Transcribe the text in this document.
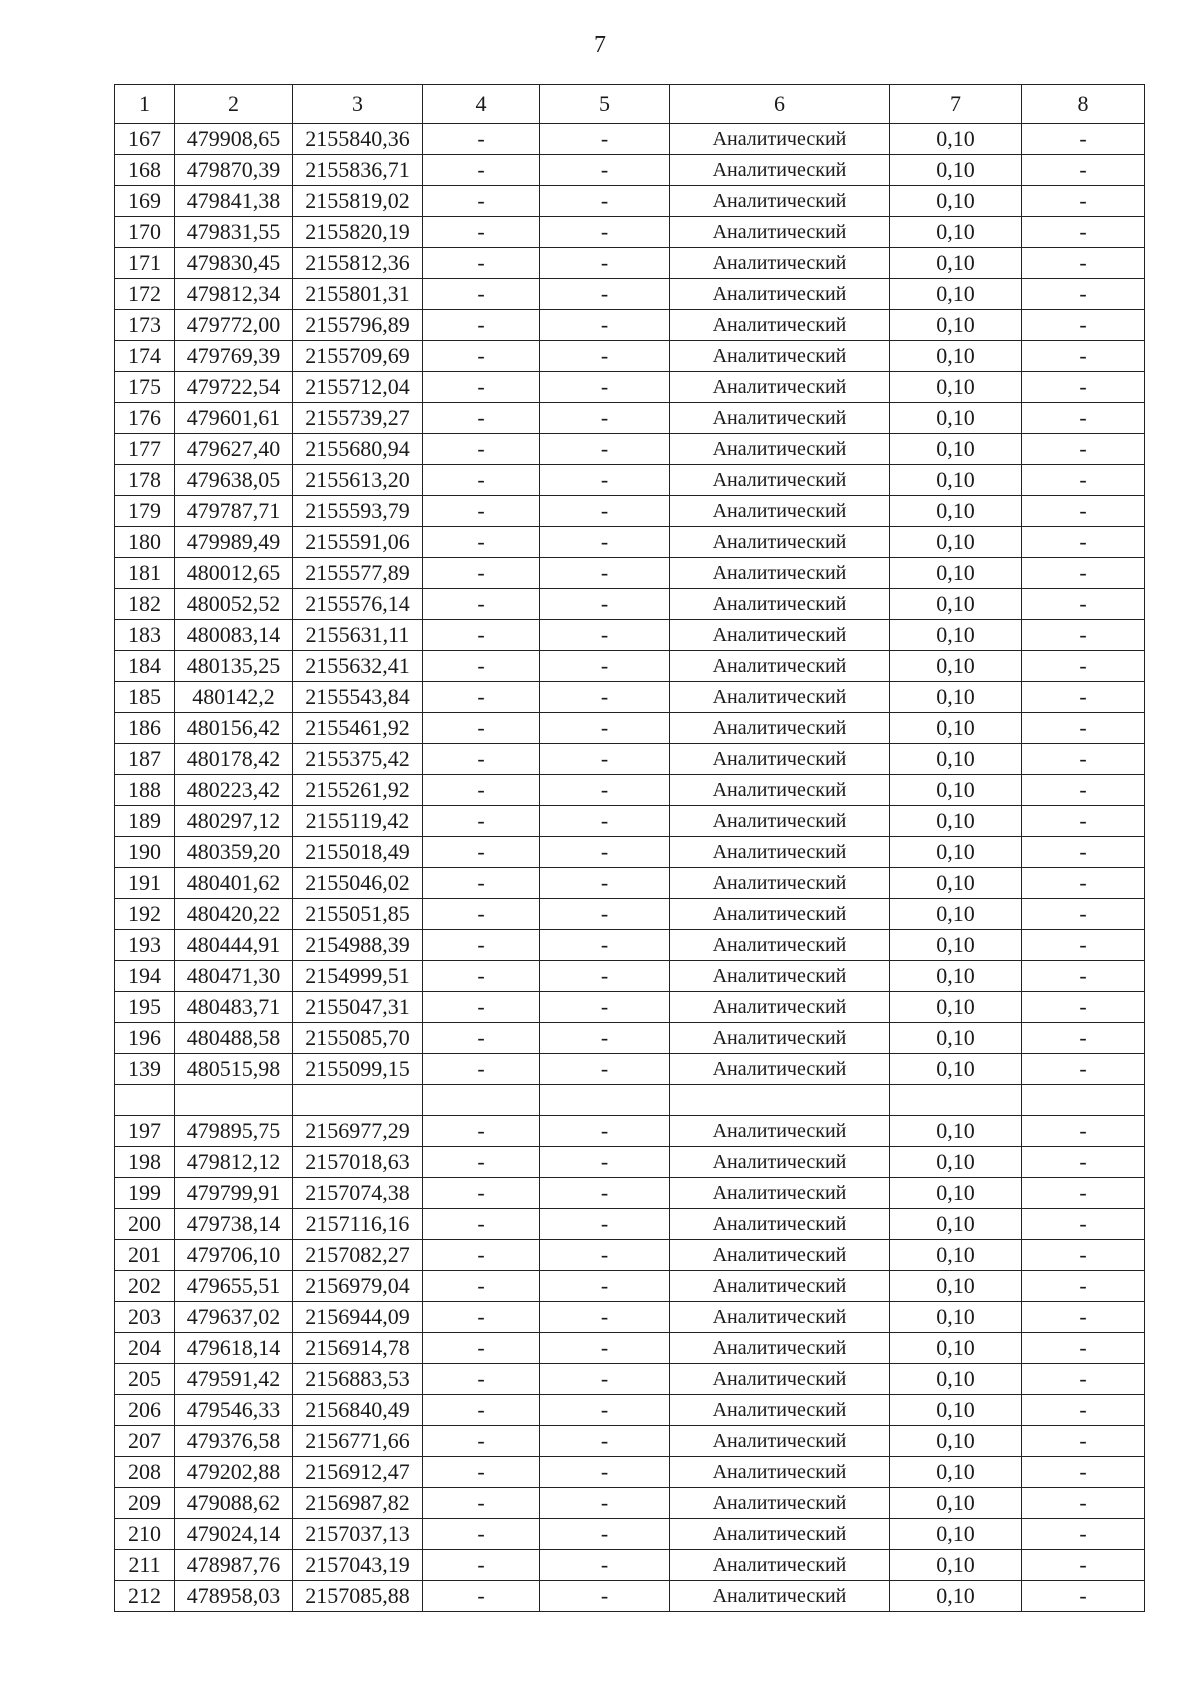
7
1	2	3	4	5	6	7	8
167	479908,65	2155840,36	-	-	Аналитический	0,10	-
168	479870,39	2155836,71	-	-	Аналитический	0,10	-
169	479841,38	2155819,02	-	-	Аналитический	0,10	-
170	479831,55	2155820,19	-	-	Аналитический	0,10	-
171	479830,45	2155812,36	-	-	Аналитический	0,10	-
172	479812,34	2155801,31	-	-	Аналитический	0,10	-
173	479772,00	2155796,89	-	-	Аналитический	0,10	-
174	479769,39	2155709,69	-	-	Аналитический	0,10	-
175	479722,54	2155712,04	-	-	Аналитический	0,10	-
176	479601,61	2155739,27	-	-	Аналитический	0,10	-
177	479627,40	2155680,94	-	-	Аналитический	0,10	-
178	479638,05	2155613,20	-	-	Аналитический	0,10	-
179	479787,71	2155593,79	-	-	Аналитический	0,10	-
180	479989,49	2155591,06	-	-	Аналитический	0,10	-
181	480012,65	2155577,89	-	-	Аналитический	0,10	-
182	480052,52	2155576,14	-	-	Аналитический	0,10	-
183	480083,14	2155631,11	-	-	Аналитический	0,10	-
184	480135,25	2155632,41	-	-	Аналитический	0,10	-
185	480142,2	2155543,84	-	-	Аналитический	0,10	-
186	480156,42	2155461,92	-	-	Аналитический	0,10	-
187	480178,42	2155375,42	-	-	Аналитический	0,10	-
188	480223,42	2155261,92	-	-	Аналитический	0,10	-
189	480297,12	2155119,42	-	-	Аналитический	0,10	-
190	480359,20	2155018,49	-	-	Аналитический	0,10	-
191	480401,62	2155046,02	-	-	Аналитический	0,10	-
192	480420,22	2155051,85	-	-	Аналитический	0,10	-
193	480444,91	2154988,39	-	-	Аналитический	0,10	-
194	480471,30	2154999,51	-	-	Аналитический	0,10	-
195	480483,71	2155047,31	-	-	Аналитический	0,10	-
196	480488,58	2155085,70	-	-	Аналитический	0,10	-
139	480515,98	2155099,15	-	-	Аналитический	0,10	-

197	479895,75	2156977,29	-	-	Аналитический	0,10	-
198	479812,12	2157018,63	-	-	Аналитический	0,10	-
199	479799,91	2157074,38	-	-	Аналитический	0,10	-
200	479738,14	2157116,16	-	-	Аналитический	0,10	-
201	479706,10	2157082,27	-	-	Аналитический	0,10	-
202	479655,51	2156979,04	-	-	Аналитический	0,10	-
203	479637,02	2156944,09	-	-	Аналитический	0,10	-
204	479618,14	2156914,78	-	-	Аналитический	0,10	-
205	479591,42	2156883,53	-	-	Аналитический	0,10	-
206	479546,33	2156840,49	-	-	Аналитический	0,10	-
207	479376,58	2156771,66	-	-	Аналитический	0,10	-
208	479202,88	2156912,47	-	-	Аналитический	0,10	-
209	479088,62	2156987,82	-	-	Аналитический	0,10	-
210	479024,14	2157037,13	-	-	Аналитический	0,10	-
211	478987,76	2157043,19	-	-	Аналитический	0,10	-
212	478958,03	2157085,88	-	-	Аналитический	0,10	-
